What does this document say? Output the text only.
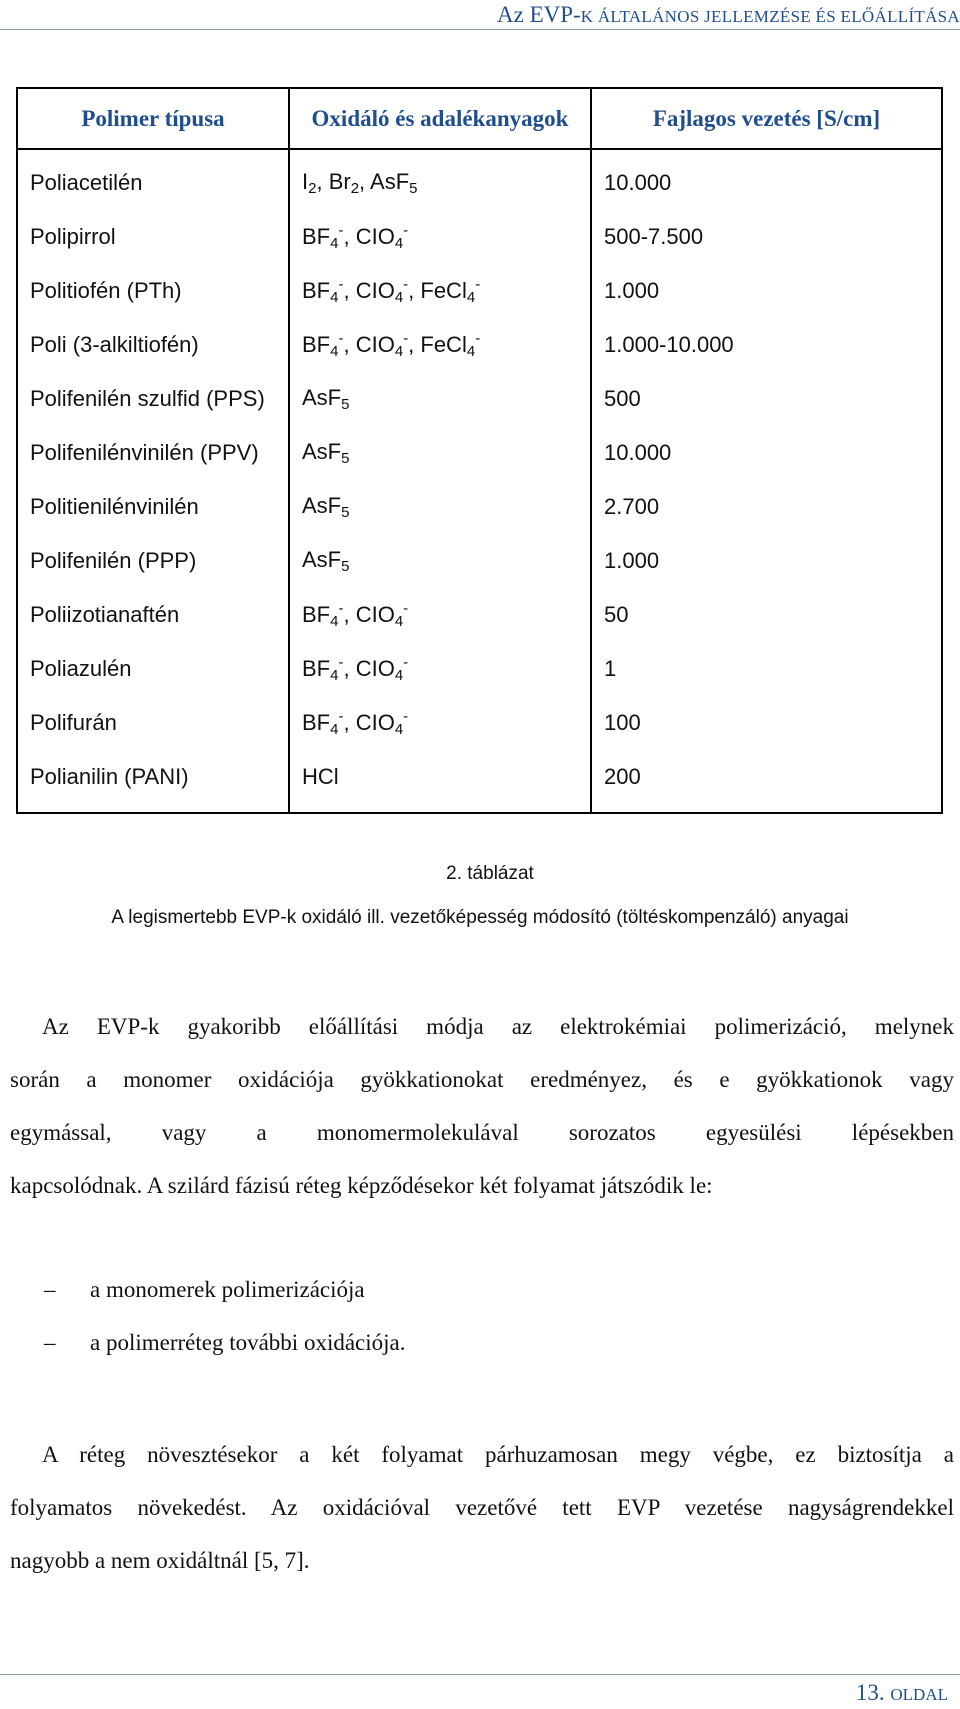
Az EVP-K ÁLTALÁNOS JELLEMZÉSE ÉS ELŐÁLLÍTÁSA
Polimer típusa	Oxidáló és adalékanyagok	Fajlagos vezetés [S/cm]
Poliacetilén	$I_2$, $Br_2$, AsF$_5$	10.000
Polipirrol	$BF_4^-$, $CIO_4^-$	500-7.500
Politiofén (PTh)	$BF_4^-$, $CIO_4^-$, FeCl$_4$-	1.000
Poli (3-alkiltiofén)	$BF_4^-$, $CIO_4^-$, FeCl$_4$-	1.000-10.000
Polifenilén szulfid (PPS)	AsF$_5$	500
Polifenilénvinilén (PPV)	AsF$_5$	10.000
Politienilénvinilén	AsF$_5$	2.700
Polifenilén (PPP)	AsF$_5$	1.000
Poliizotianaftén	$BF_4^-$, $CIO_4^-$	50
Poliazulén	$BF_4^-$, $CIO_4^-$	1
Polifurán	$BF_4^-$, $CIO_4^-$	100
Polianilin (PANI)	HCl	200
2. táblázat
A legismertebb EVP-k oxidáló ill. vezetőképesség módosító (töltéskompenzáló) anyagai
Az EVP-k gyakoribb előállítási módja az elektrokémiai polimerizáció, melynek
során a monomer oxidációja gyökkationokat eredményez, és e gyökkationok vagy
egymással, vagy a monomermolekulával sorozatos egyesülési lépésekben
kapcsolódnak. A szilárd fázisú réteg képződésekor két folyamat játszódik le:
– a monomerek polimerizációja
– a polimerréteg további oxidációja.
A réteg növesztésekor a két folyamat párhuzamosan megy végbe, ez biztosítja a
folyamatos növekedést. Az oxidációval vezetővé tett EVP vezetése nagyságrendekkel
nagyobb a nem oxidáltnál [5, 7].
13. OLDAL
